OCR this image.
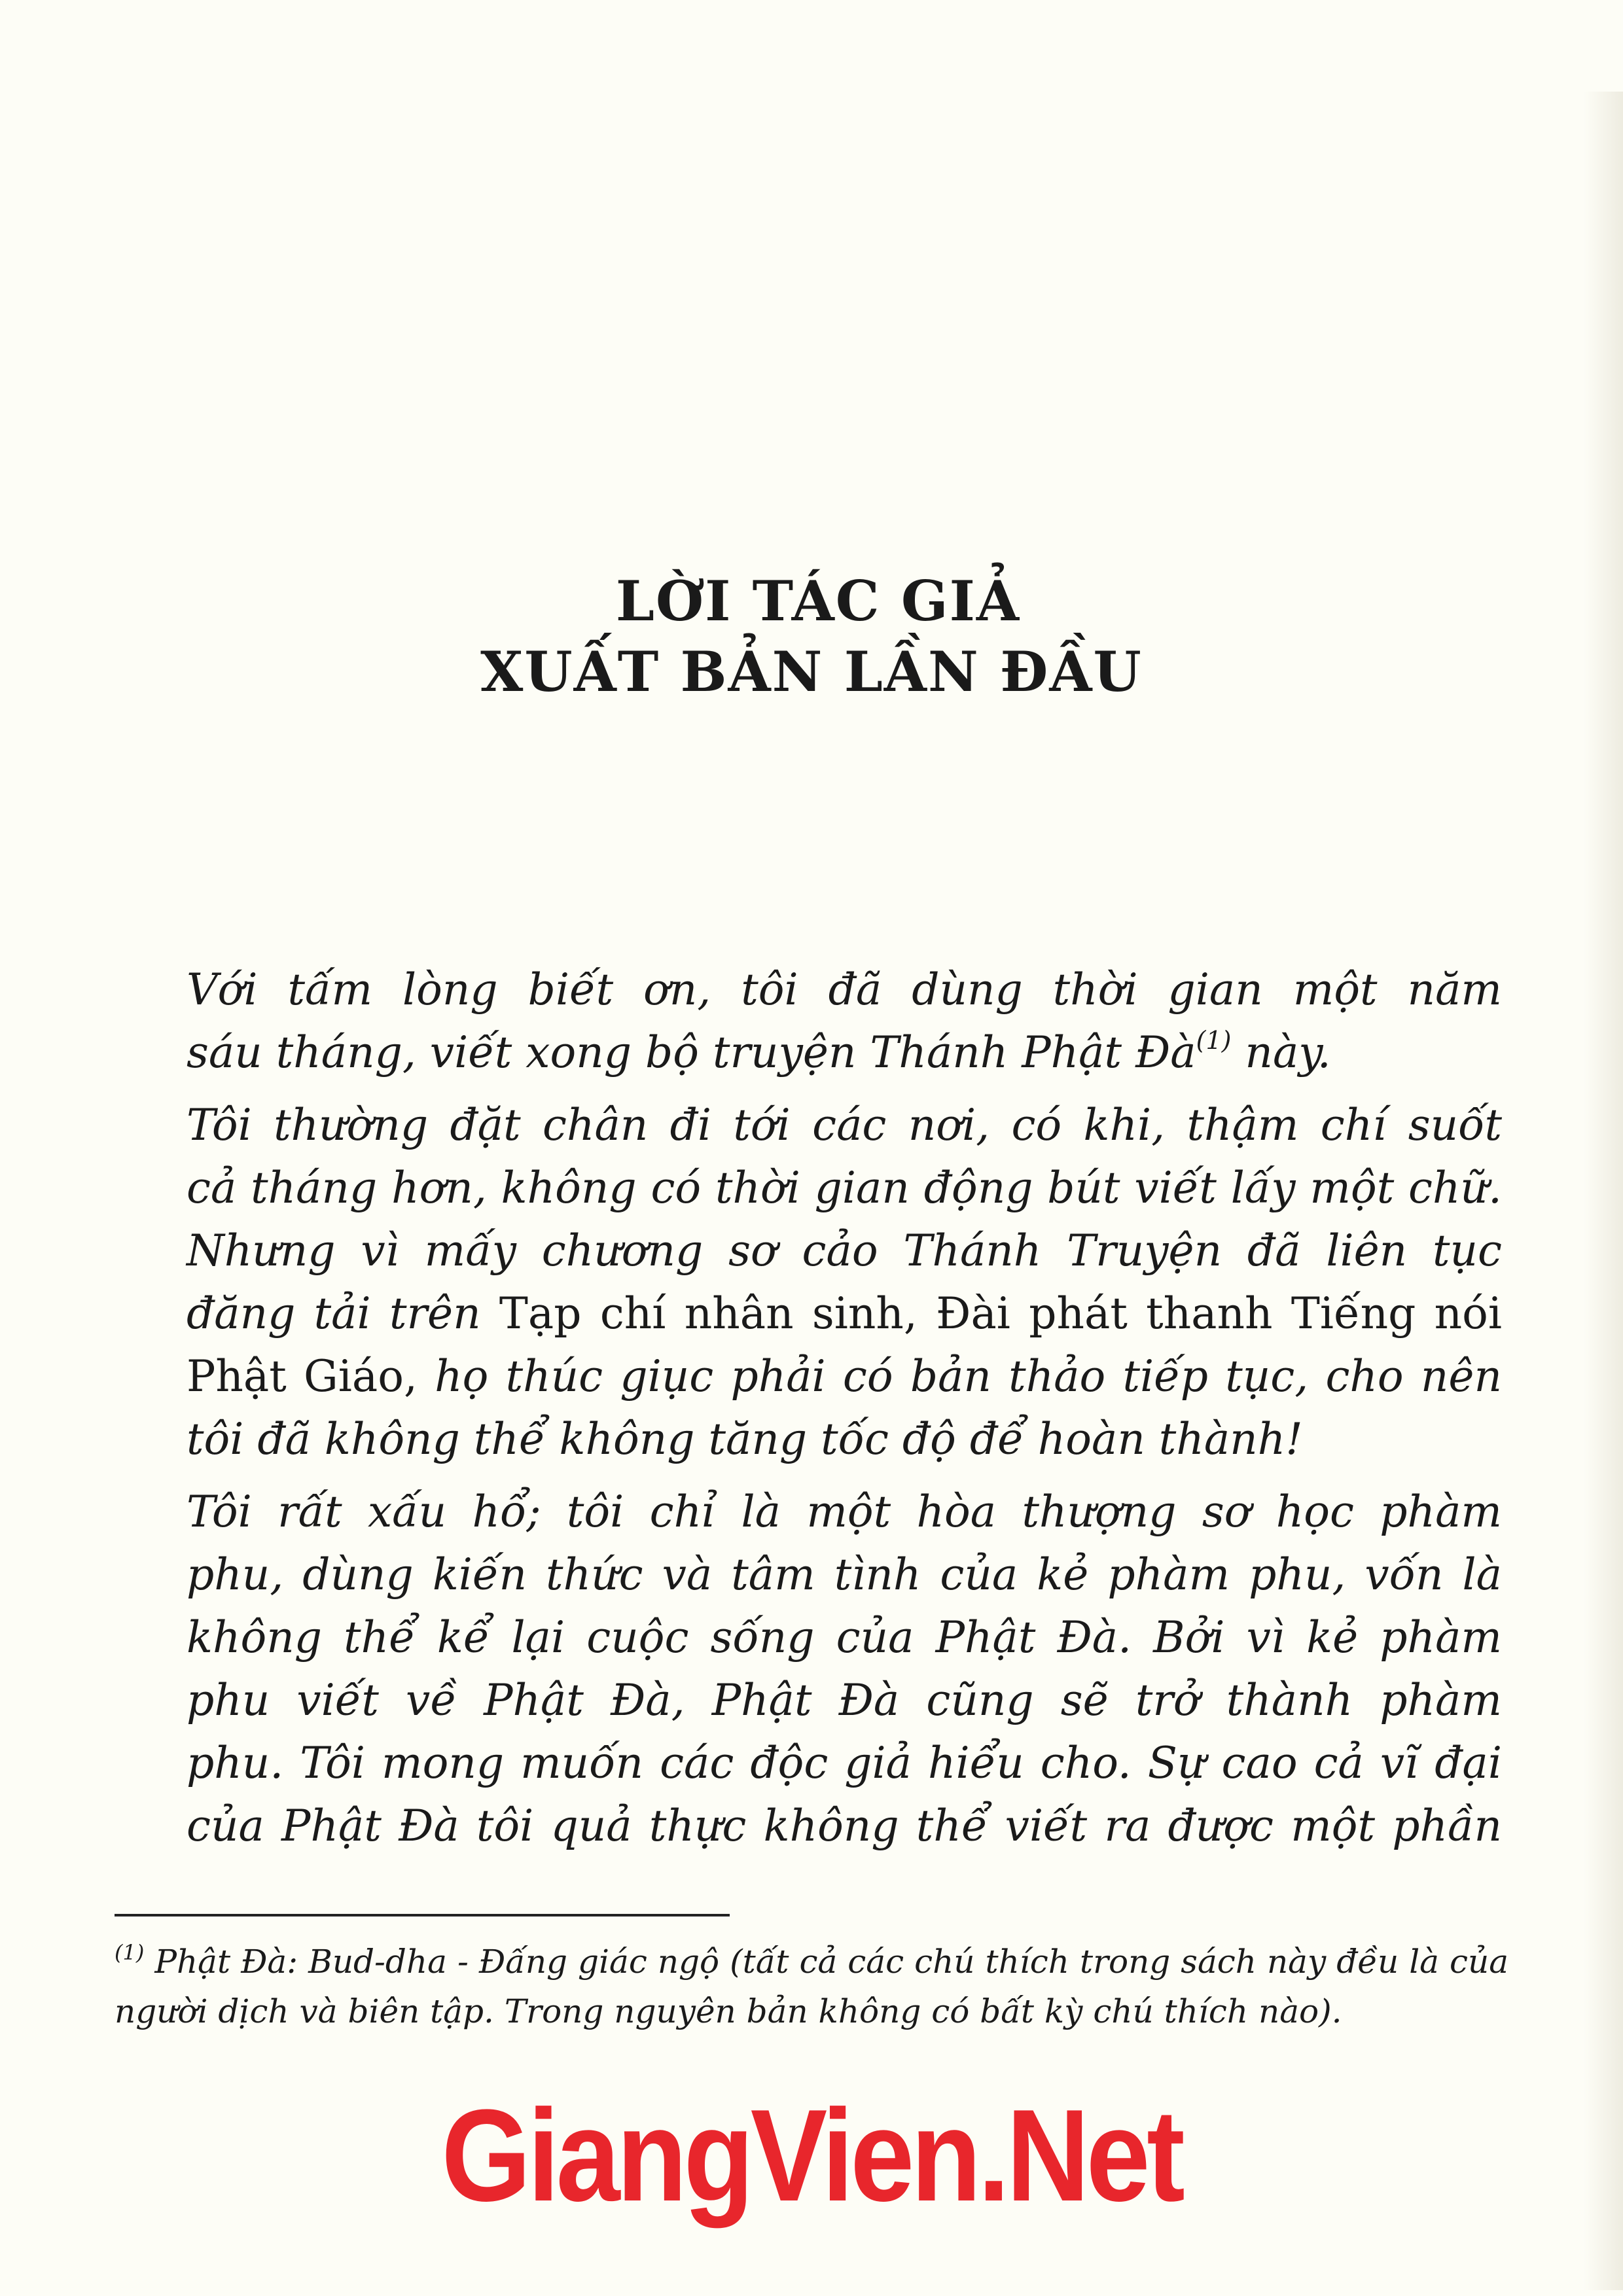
LỜI TÁC GIẢ
XUẤT BẢN LẦN ĐẦU

Với tấm lòng biết ơn, tôi đã dùng thời gian một năm
sáu tháng, viết xong bộ truyện Thánh Phật $Đà^{(1)}$ này.

Tôi thường đặt chân đi tới các nơi, có khi, thậm chí suốt
cả tháng hơn, không có thời gian động bút viết lấy một chữ.
Nhưng vì mấy chương sơ cảo Thánh Truyện đã liên tục
đăng tải trên Tạp chí nhân sinh, Đài phát thanh Tiếng nói
Phật Giáo, họ thúc giục phải có bản thảo tiếp tục, cho nên
tôi đã không thể không tăng tốc độ để hoàn thành!

Tôi rất xấu hổ; tôi chỉ là một hòa thượng sơ học phàm
phu, dùng kiến thức và tâm tình của kẻ phàm phu, vốn là
không thể kể lại cuộc sống của Phật Đà. Bởi vì kẻ phàm
phu viết về Phật Đà, Phật Đà cũng sẽ trở thành phàm
phu. Tôi mong muốn các độc giả hiểu cho. Sự cao cả vĩ đại
của Phật Đà tôi quả thực không thể viết ra được một phần

$^{(1)}$ Phật Đà: Bud-dha - Đấng giác ngộ (tất cả các chú thích trong sách này đều là của người dịch và biên tập. Trong nguyên bản không có bất kỳ chú thích nào).
GiangVien.Net
